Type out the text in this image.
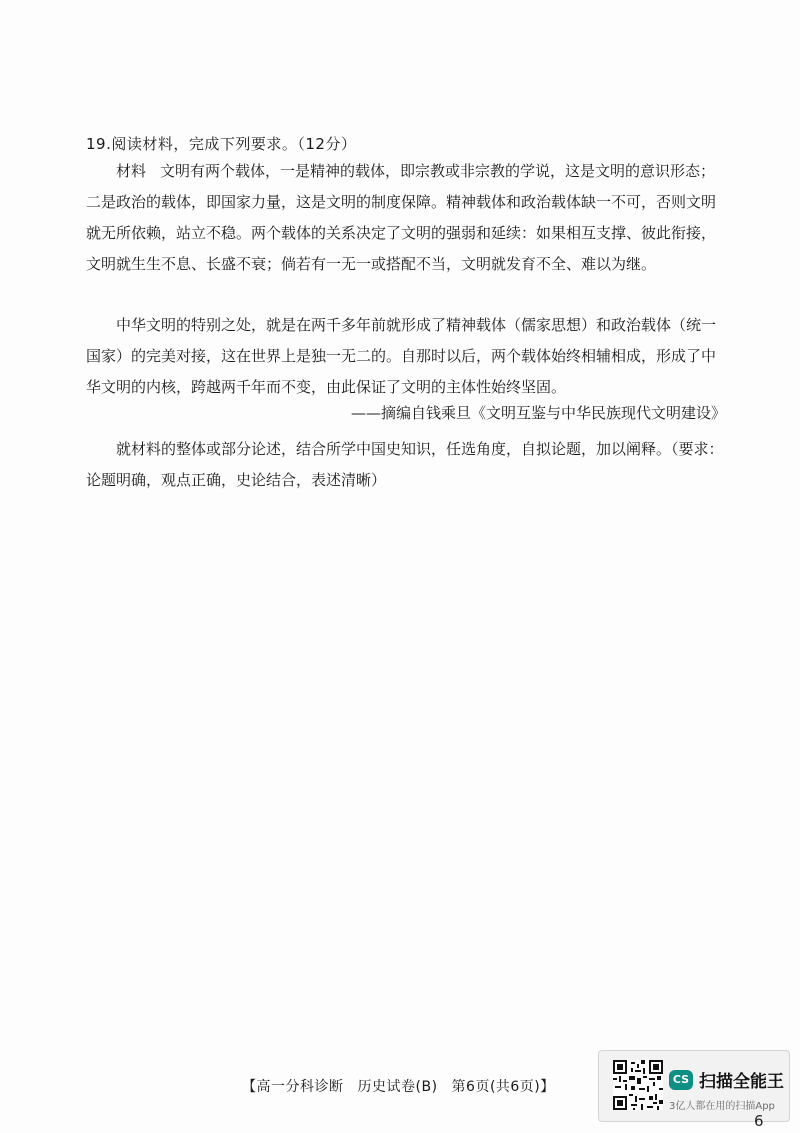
19.阅读材料，完成下列要求。（12分）
材料 文明有两个载体，一是精神的载体，即宗教或非宗教的学说，这是文明的意识形态；二是政治的载体，即国家力量，这是文明的制度保障。精神载体和政治载体缺一不可，否则文明就无所依赖，站立不稳。两个载体的关系决定了文明的强弱和延续：如果相互支撑、彼此衔接，文明就生生不息、长盛不衰；倘若有一无一或搭配不当，文明就发育不全、难以为继。
中华文明的特别之处，就是在两千多年前就形成了精神载体（儒家思想）和政治载体（统一国家）的完美对接，这在世界上是独一无二的。自那时以后，两个载体始终相辅相成，形成了中华文明的内核，跨越两千年而不变，由此保证了文明的主体性始终坚固。
——摘编自钱乘旦《文明互鉴与中华民族现代文明建设》
就材料的整体或部分论述，结合所学中国史知识，任选角度，自拟论题，加以阐释。（要求：论题明确，观点正确，史论结合，表述清晰）
【高一分科诊断 历史试卷(B) 第6页(共6页)】	CS 扫描全能王
3亿人都在用的扫描App
6
